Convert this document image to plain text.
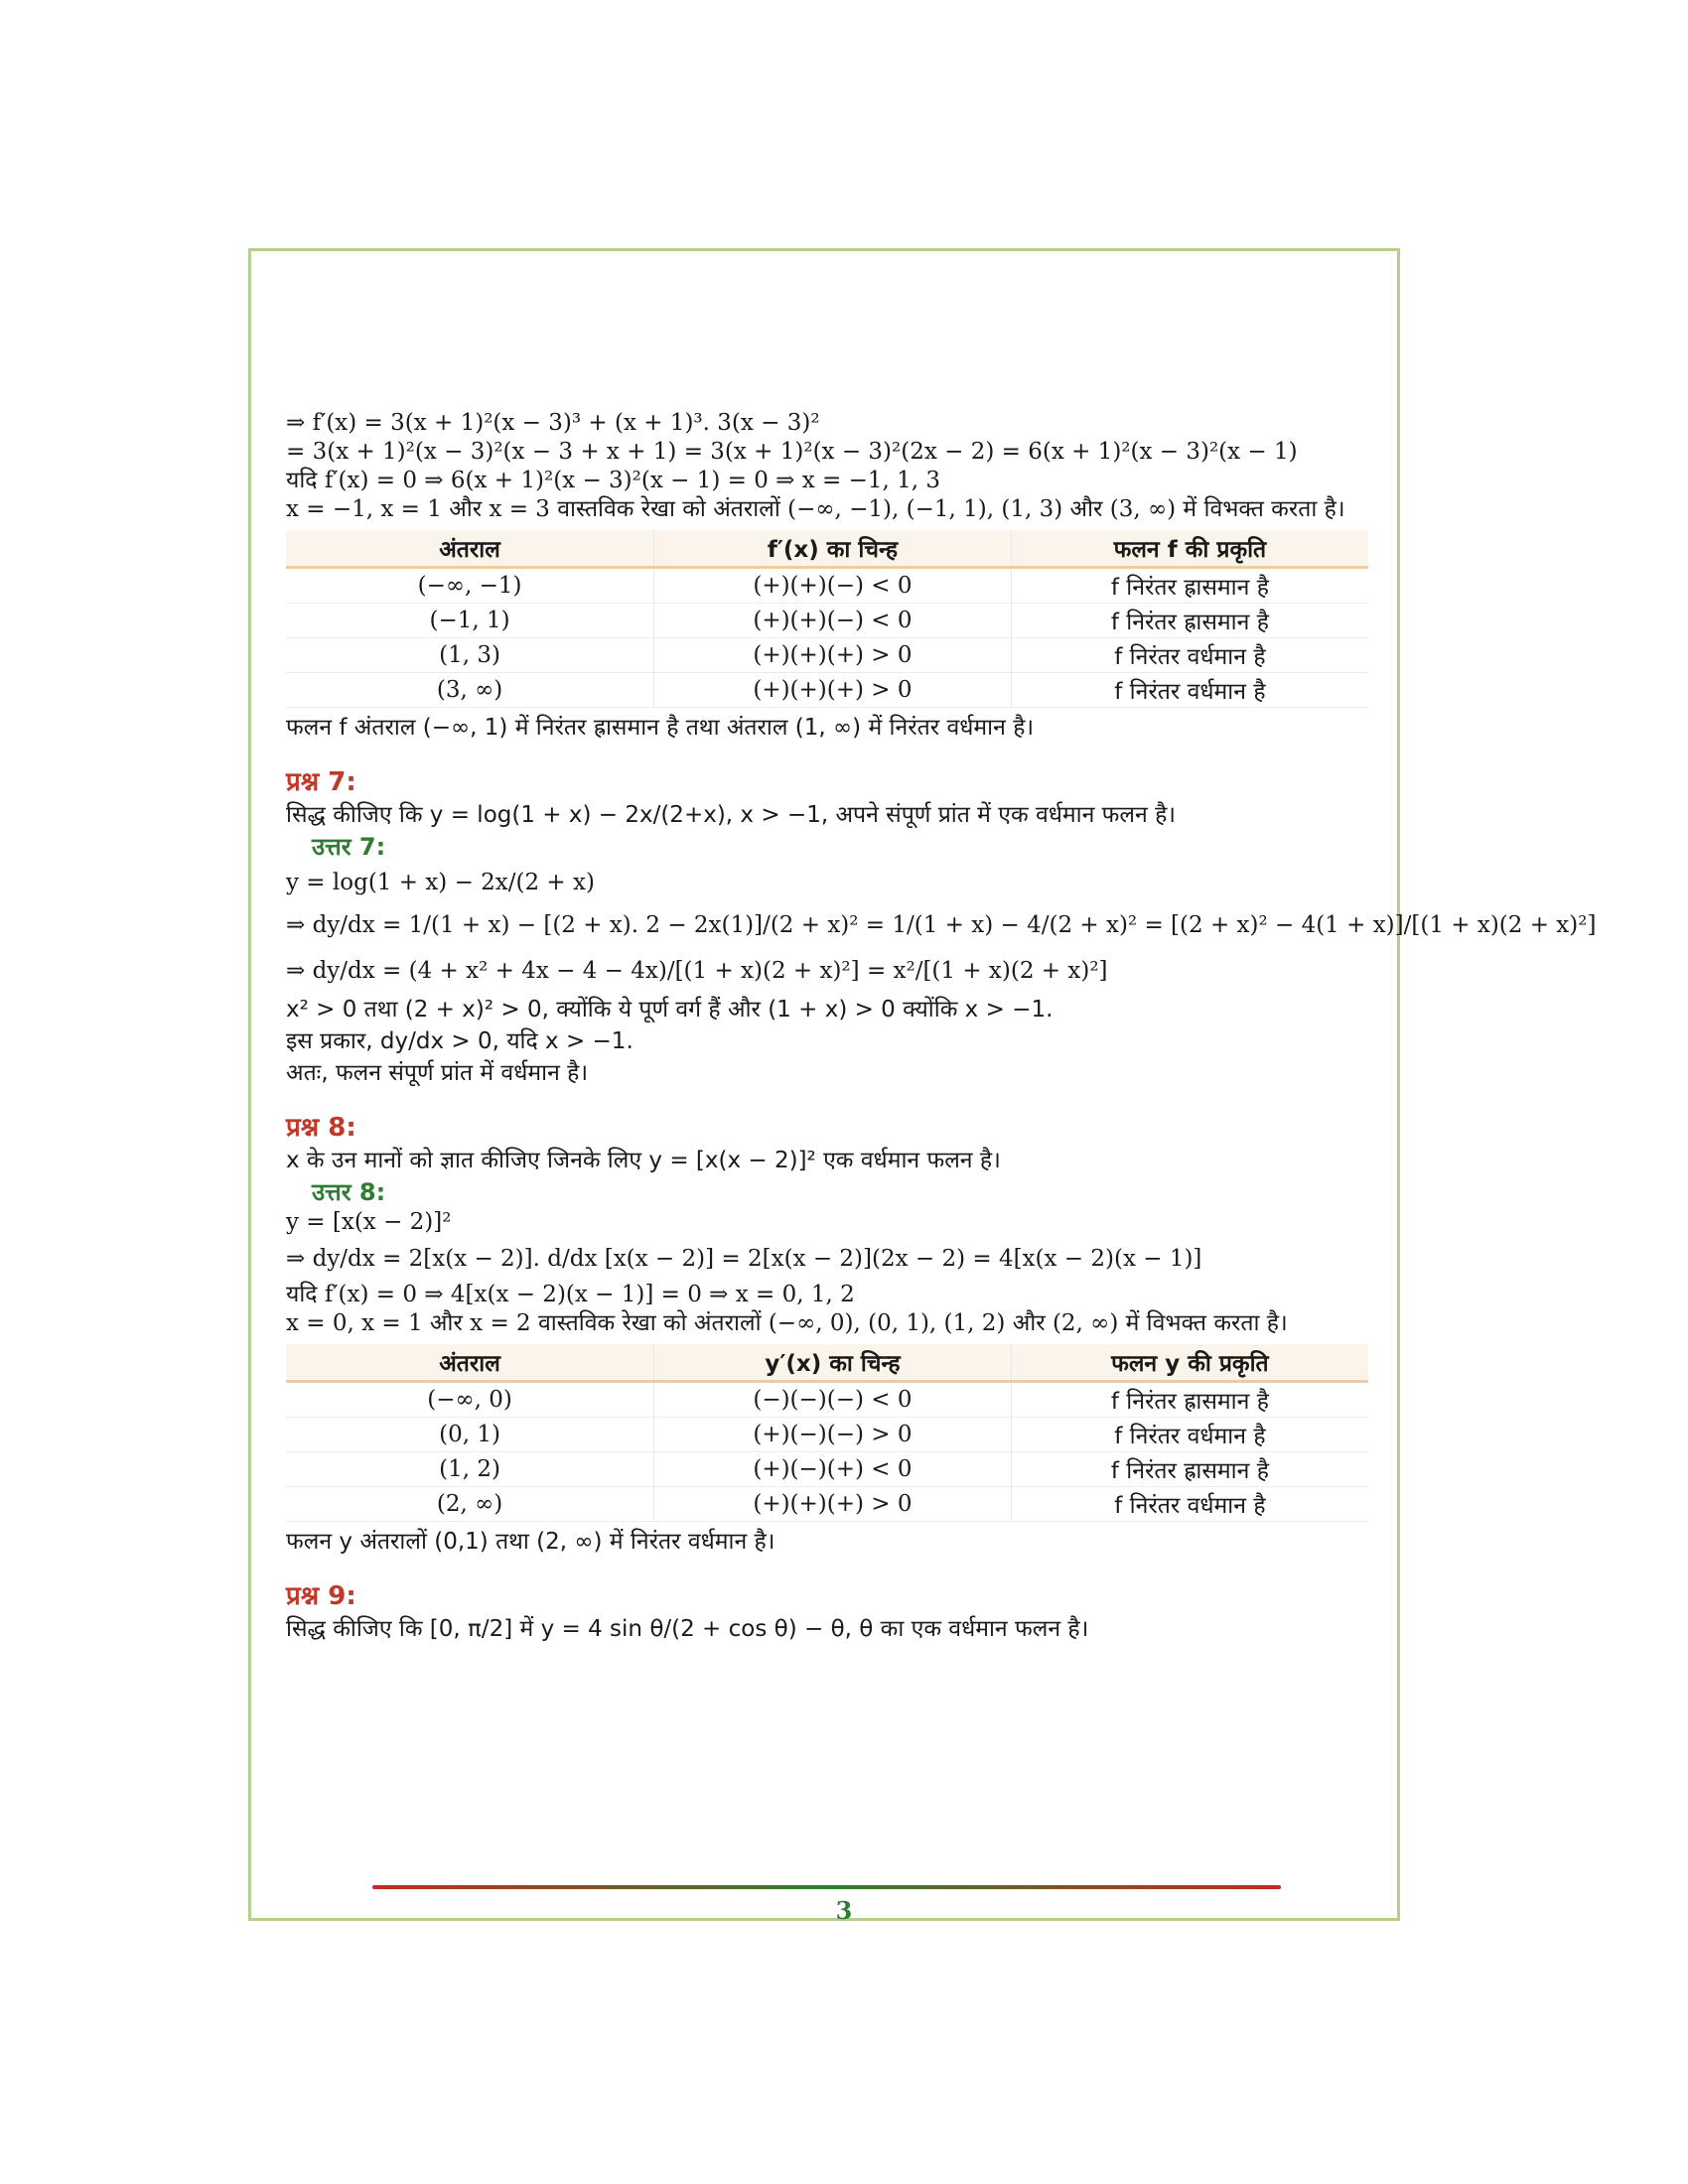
⇒ f′(x) = 3(x + 1)²(x − 3)³ + (x + 1)³. 3(x − 3)²
= 3(x + 1)²(x − 3)²(x − 3 + x + 1) = 3(x + 1)²(x − 3)²(2x − 2) = 6(x + 1)²(x − 3)²(x − 1)
यदि f′(x) = 0 ⇒ 6(x + 1)²(x − 3)²(x − 1) = 0 ⇒ x = −1, 1, 3
x = −1, x = 1 और x = 3 वास्तविक रेखा को अंतरालों (−∞, −1), (−1, 1), (1, 3) और (3, ∞) में विभक्त करता है।
अंतराल	f′(x) का चिन्ह	फलन f की प्रकृति
(−∞, −1)	(+)(+)(−) < 0	f निरंतर ह्रासमान है
(−1, 1)	(+)(+)(−) < 0	f निरंतर ह्रासमान है
(1, 3)	(+)(+)(+) > 0	f निरंतर वर्धमान है
(3, ∞)	(+)(+)(+) > 0	f निरंतर वर्धमान है
फलन f अंतराल (−∞, 1) में निरंतर ह्रासमान है तथा अंतराल (1, ∞) में निरंतर वर्धमान है।
प्रश्न 7:
सिद्ध कीजिए कि y = log(1 + x) − 2x/(2+x), x > −1, अपने संपूर्ण प्रांत में एक वर्धमान फलन है।
उत्तर 7:
y = log(1 + x) − 2x/(2 + x)
⇒ dy/dx = 1/(1 + x) − [(2 + x). 2 − 2x(1)]/(2 + x)² = 1/(1 + x) − 4/(2 + x)² = [(2 + x)² − 4(1 + x)]/[(1 + x)(2 + x)²]
⇒ dy/dx = (4 + x² + 4x − 4 − 4x)/[(1 + x)(2 + x)²] = x²/[(1 + x)(2 + x)²]
x² > 0 तथा (2 + x)² > 0, क्योंकि ये पूर्ण वर्ग हैं और (1 + x) > 0 क्योंकि x > −1.
इस प्रकार, dy/dx > 0, यदि x > −1.
अतः, फलन संपूर्ण प्रांत में वर्धमान है।
प्रश्न 8:
x के उन मानों को ज्ञात कीजिए जिनके लिए y = [x(x − 2)]² एक वर्धमान फलन है।
उत्तर 8:
y = [x(x − 2)]²
⇒ dy/dx = 2[x(x − 2)]. d/dx [x(x − 2)] = 2[x(x − 2)](2x − 2) = 4[x(x − 2)(x − 1)]
यदि f′(x) = 0 ⇒ 4[x(x − 2)(x − 1)] = 0 ⇒ x = 0, 1, 2
x = 0, x = 1 और x = 2 वास्तविक रेखा को अंतरालों (−∞, 0), (0, 1), (1, 2) और (2, ∞) में विभक्त करता है।
अंतराल	y′(x) का चिन्ह	फलन y की प्रकृति
(−∞, 0)	(−)(−)(−) < 0	f निरंतर ह्रासमान है
(0, 1)	(+)(−)(−) > 0	f निरंतर वर्धमान है
(1, 2)	(+)(−)(+) < 0	f निरंतर ह्रासमान है
(2, ∞)	(+)(+)(+) > 0	f निरंतर वर्धमान है
फलन y अंतरालों (0,1) तथा (2, ∞) में निरंतर वर्धमान है।
प्रश्न 9:
सिद्ध कीजिए कि [0, π/2] में y = 4 sin θ/(2 + cos θ) − θ, θ का एक वर्धमान फलन है।
3
